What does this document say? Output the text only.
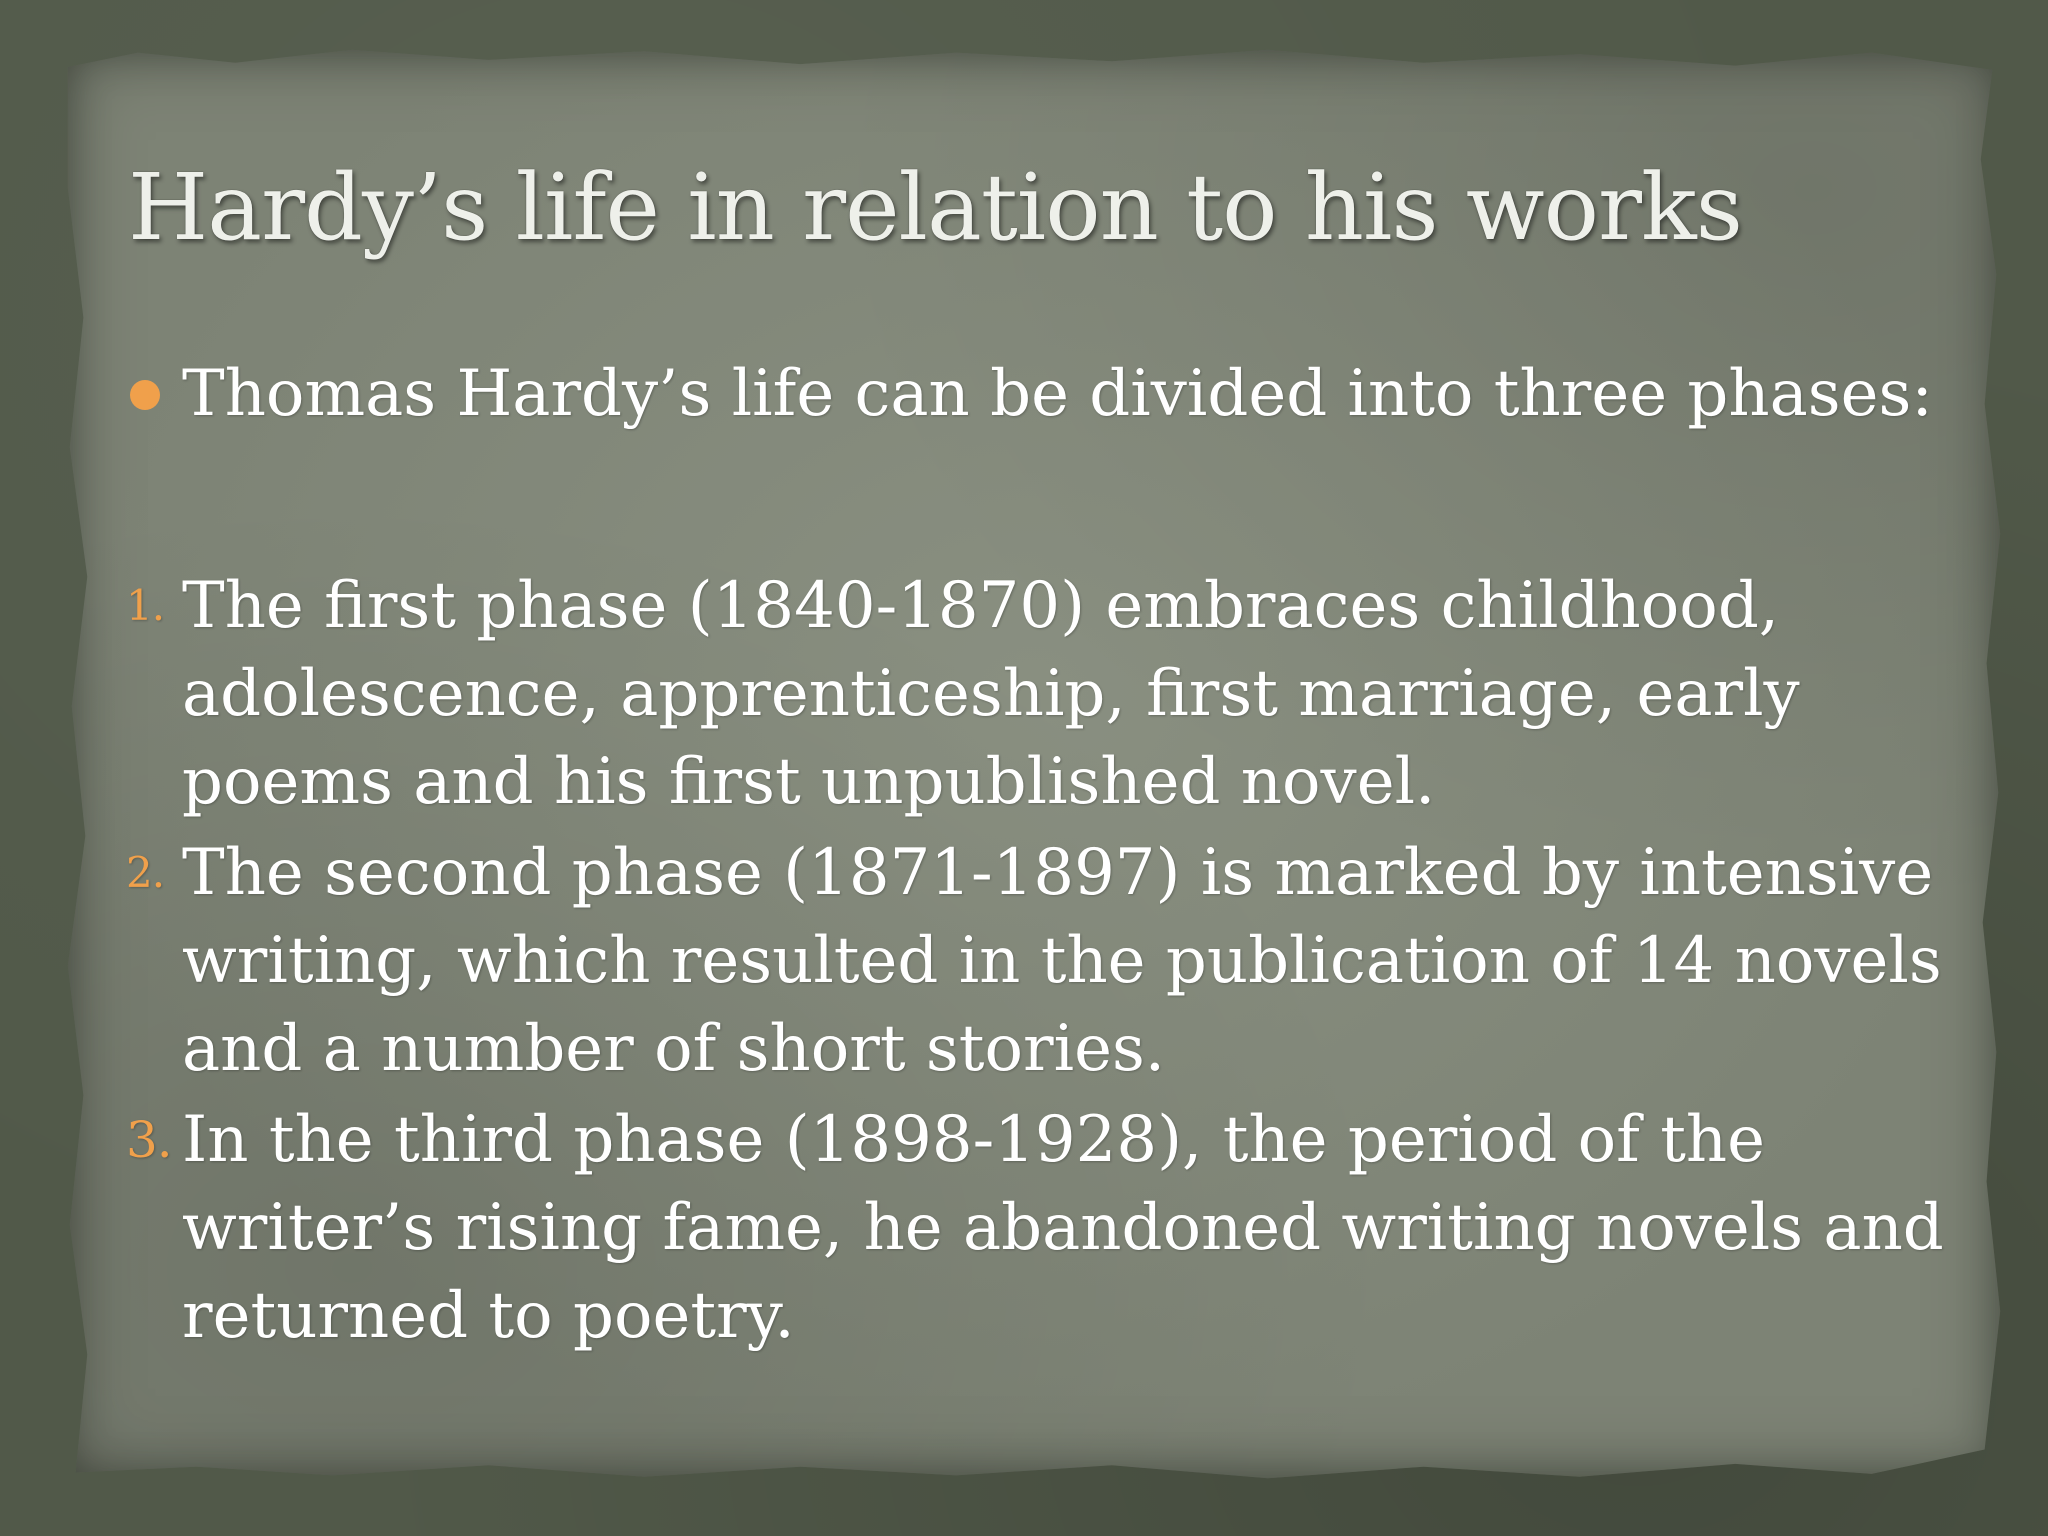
Hardy’s life in relation to his works
Thomas Hardy’s life can be divided into three phases:
1. The first phase (1840-1870) embraces childhood,
adolescence, apprenticeship, first marriage, early
poems and his first unpublished novel.
2. The second phase (1871-1897) is marked by intensive
writing, which resulted in the publication of 14 novels
and a number of short stories.
3. In the third phase (1898-1928), the period of the
writer’s rising fame, he abandoned writing novels and
returned to poetry.
